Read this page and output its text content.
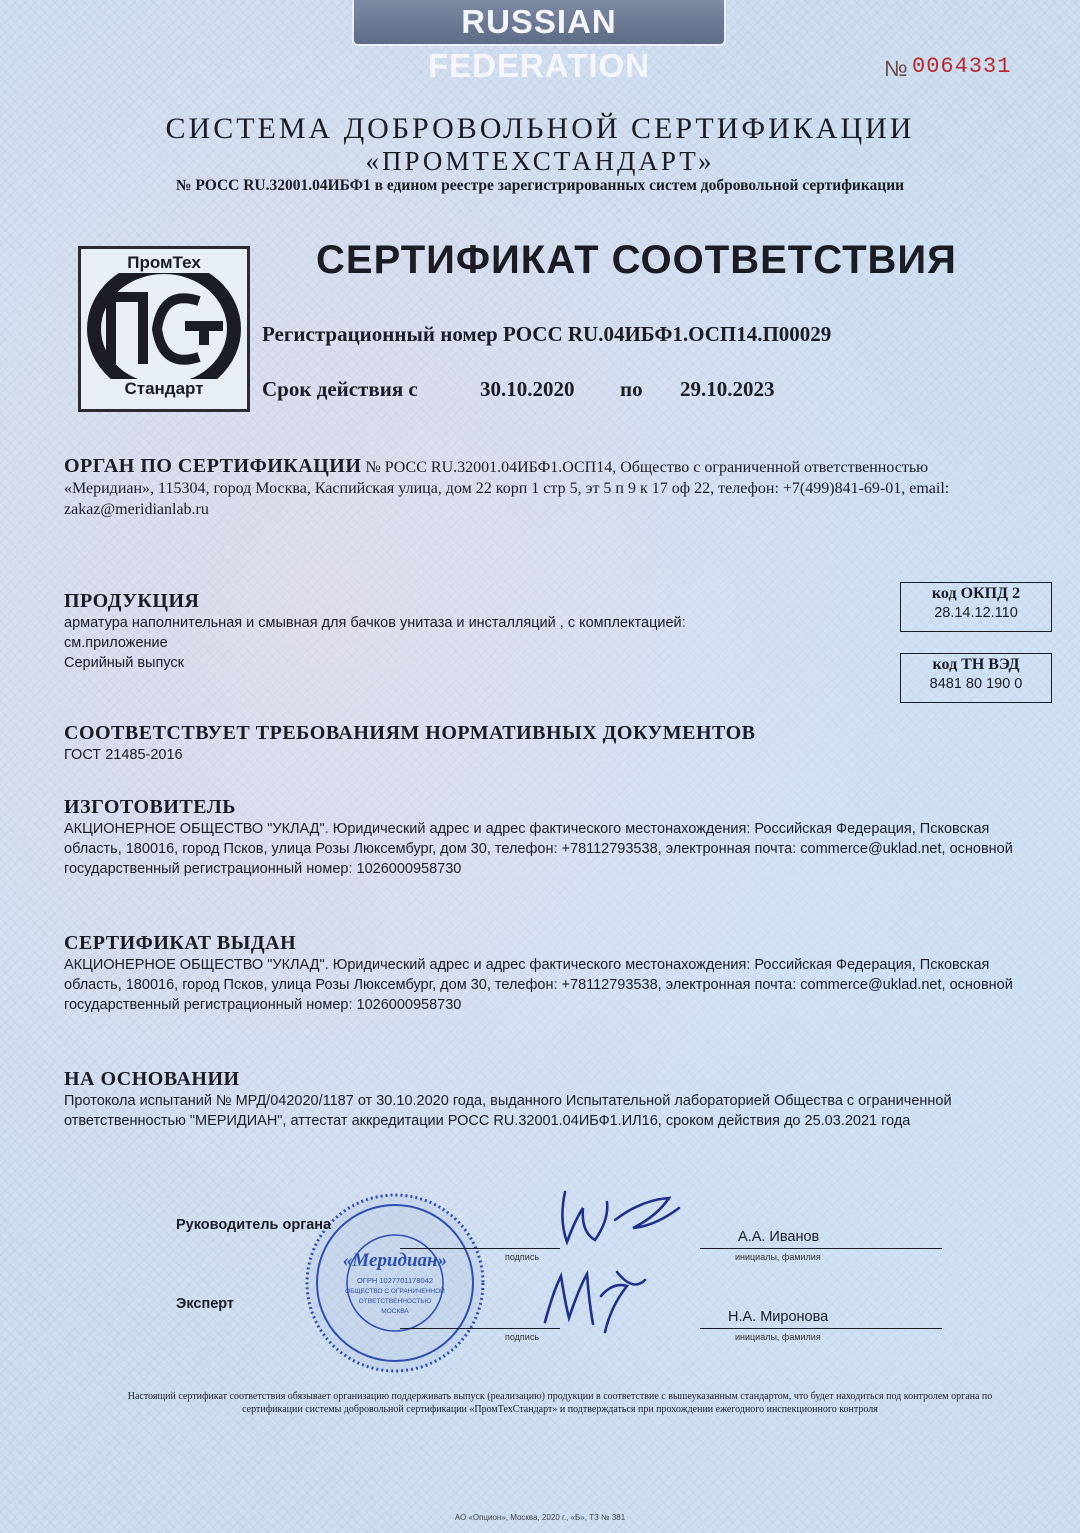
RUSSIAN FEDERATION	№ 0064331
СИСТЕМА ДОБРОВОЛЬНОЙ СЕРТИФИКАЦИИ
«ПРОМТЕХСТАНДАРТ»
№ РОСС RU.32001.04ИБФ1 в едином реестре зарегистрированных систем добровольной сертификации
ПромТех
Стандарт
СЕРТИФИКАТ СООТВЕТСТВИЯ
Регистрационный номер РОСС RU.04ИБФ1.ОСП14.П00029
Срок действия с	30.10.2020 по 29.10.2023
ОРГАН ПО СЕРТИФИКАЦИИ № РОСС RU.32001.04ИБФ1.ОСП14, Общество с ограниченной ответственностью «Меридиан», 115304, город Москва, Каспийская улица, дом 22 корп 1 стр 5, эт 5 п 9 к 17 оф 22, телефон: +7(499)841-69-01, email: zakaz@meridianlab.ru
ПРОДУКЦИЯ
арматура наполнительная и смывная для бачков унитаза и инсталляций , с комплектацией:
см.приложение
Серийный выпуск
код ОКПД 2
28.14.12.110
код ТН ВЭД
8481 80 190 0
СООТВЕТСТВУЕТ ТРЕБОВАНИЯМ НОРМАТИВНЫХ ДОКУМЕНТОВ
ГОСТ 21485-2016
ИЗГОТОВИТЕЛЬ
АКЦИОНЕРНОЕ ОБЩЕСТВО "УКЛАД". Юридический адрес и адрес фактического местонахождения: Российская Федерация, Псковская область, 180016, город Псков, улица Розы Люксембург, дом 30, телефон: +78112793538, электронная почта: commerce@uklad.net, основной государственный регистрационный номер: 1026000958730
СЕРТИФИКАТ ВЫДАН
АКЦИОНЕРНОЕ ОБЩЕСТВО "УКЛАД". Юридический адрес и адрес фактического местонахождения: Российская Федерация, Псковская область, 180016, город Псков, улица Розы Люксембург, дом 30, телефон: +78112793538, электронная почта: commerce@uklad.net, основной государственный регистрационный номер: 1026000958730
НА ОСНОВАНИИ
Протокола испытаний № МРД/042020/1187 от 30.10.2020 года, выданного Испытательной лабораторией Общества с ограниченной ответственностью "МЕРИДИАН", аттестат аккредитации РОСС RU.32001.04ИБФ1.ИЛ16, сроком действия до 25.03.2021 года
«Меридиан»
ОГРН 1027701178042
ОБЩЕСТВО С ОГРАНИЧЕННОЙ
ОТВЕТСТВЕННОСТЬЮ
МОСКВА
Руководитель органа
подпись
А.А. Иванов
инициалы, фамилия
Эксперт
подпись
Н.А. Миронова
инициалы, фамилия
Настоящий сертификат соответствия обязывает организацию поддерживать выпуск (реализацию) продукции в соответствие с вышеуказанным стандартом, что будет находиться под контролем органа по сертификации системы добровольной сертификации «ПромТехСтандарт» и подтверждаться при прохождении ежегодного инспекционного контроля
АО «Опцион», Москва, 2020 г., «Б», ТЗ № 381
